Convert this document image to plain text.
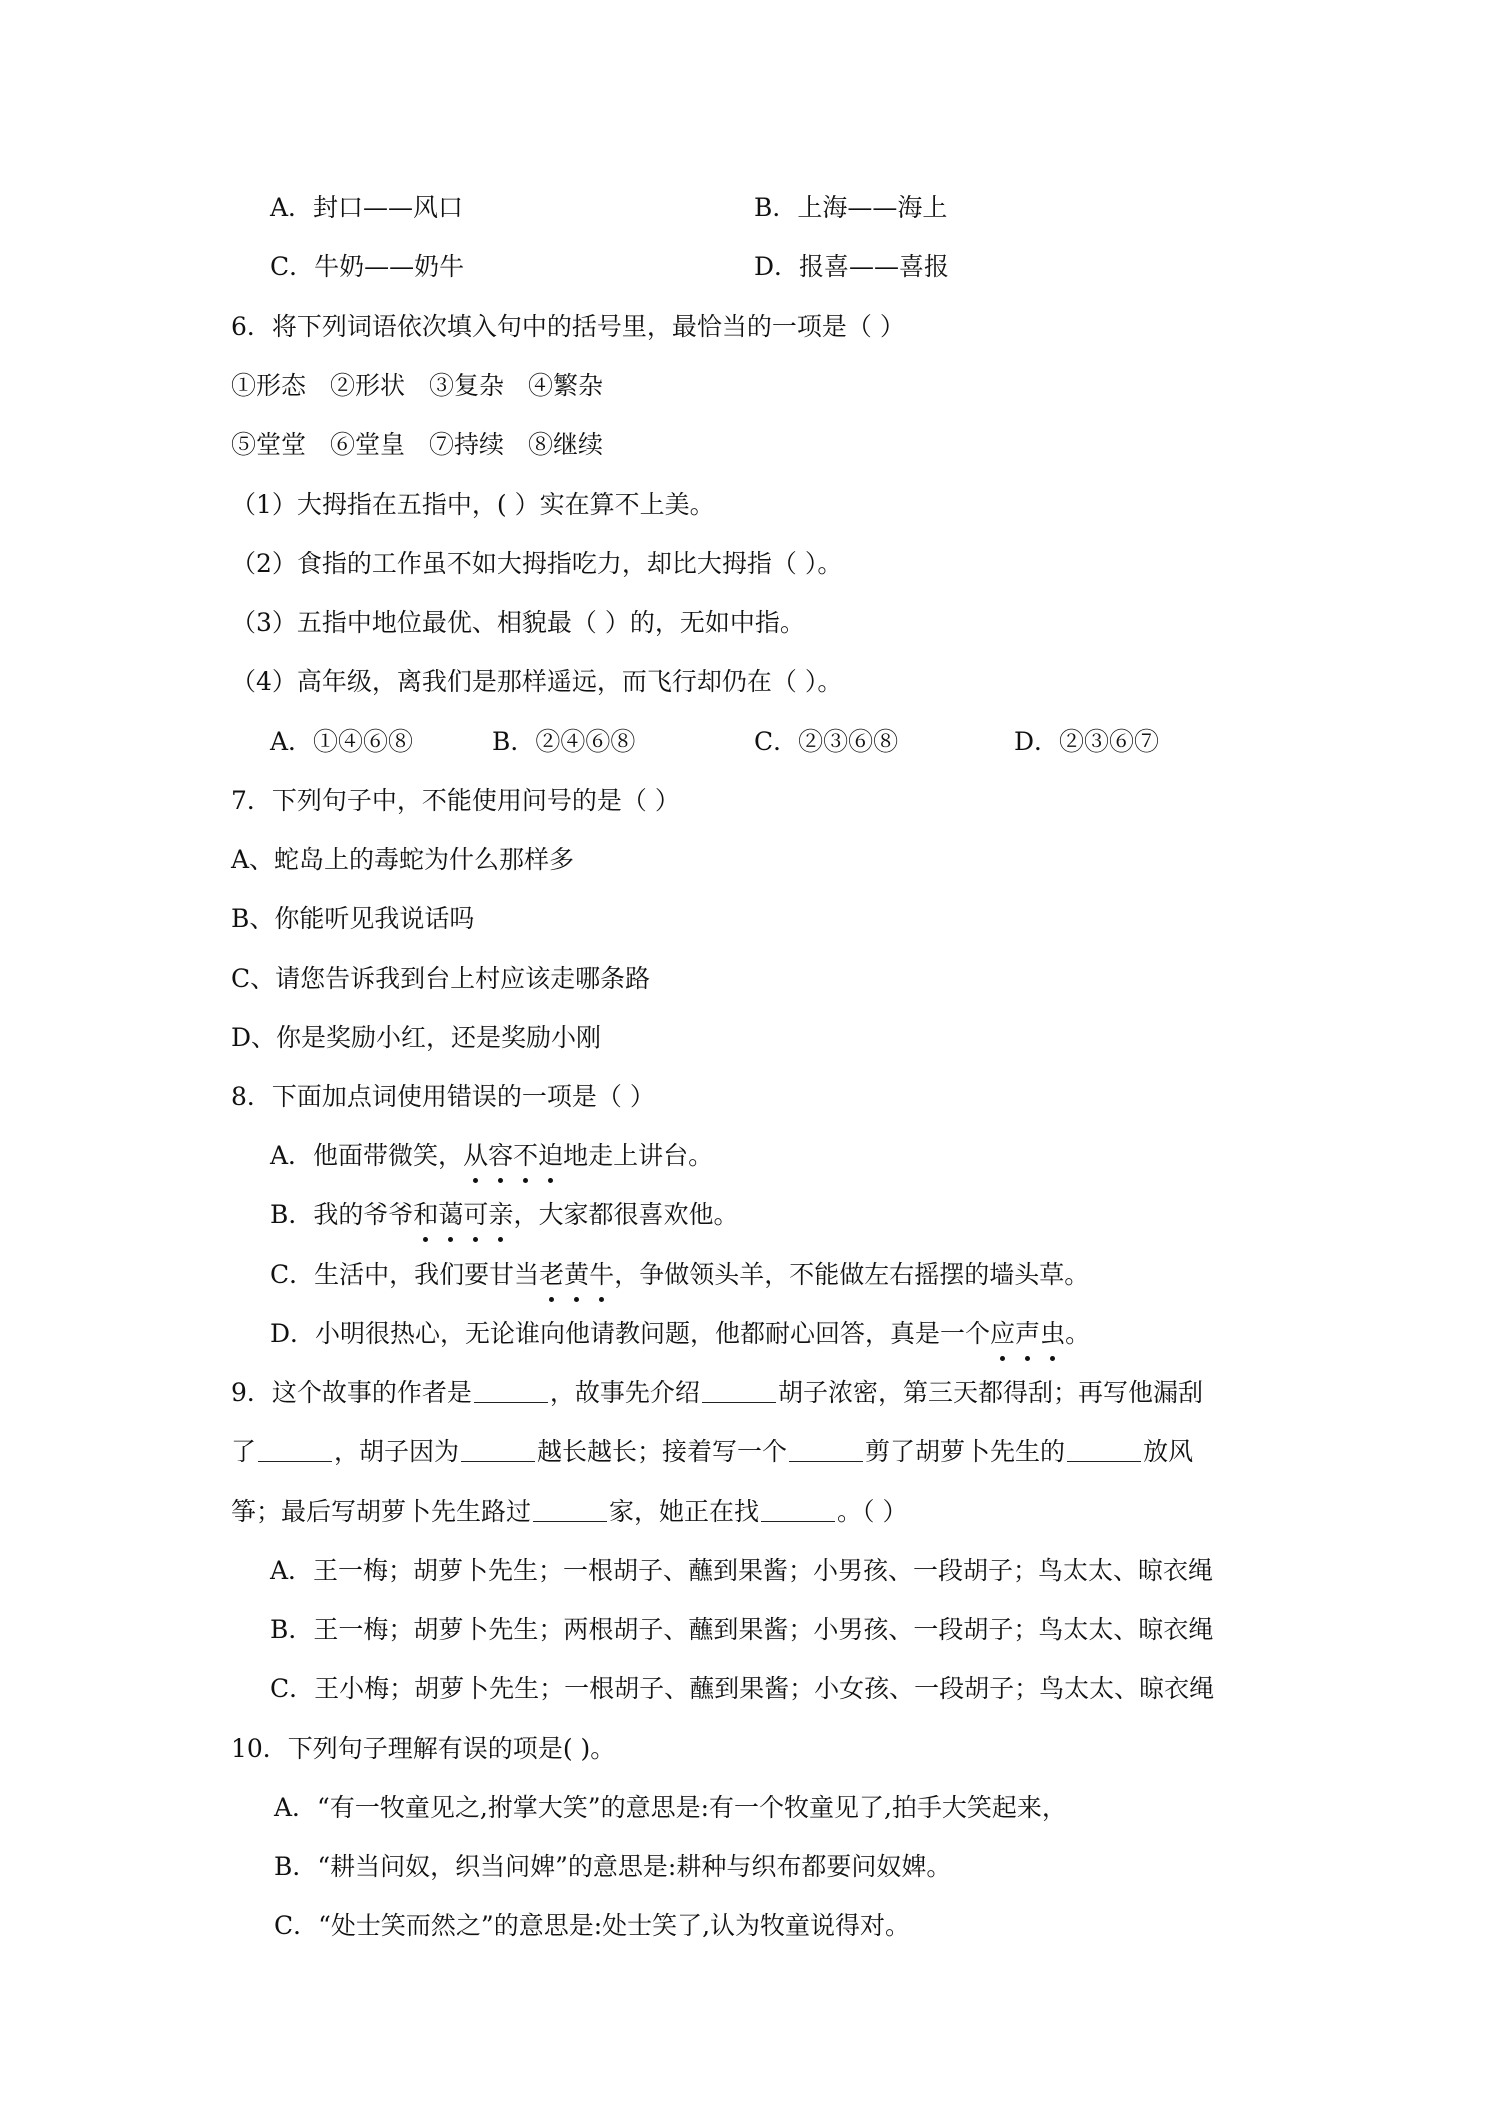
A．封口——风口	B．上海——海上
C．牛奶——奶牛	D．报喜——喜报
6．将下列词语依次填入句中的括号里，最恰当的一项是（ ）
①形态 ②形状 ③复杂 ④繁杂
⑤堂堂 ⑥堂皇 ⑦持续 ⑧继续
（1）大拇指在五指中，( ）实在算不上美。
（2）食指的工作虽不如大拇指吃力，却比大拇指（ ）。
（3）五指中地位最优、相貌最（ ）的，无如中指。
（4）高年级，离我们是那样遥远，而飞行却仍在（ ）。
A．①④⑥⑧	B．②④⑥⑧	C．②③⑥⑧	D．②③⑥⑦
7．下列句子中，不能使用问号的是（ ）
A、蛇岛上的毒蛇为什么那样多
B、你能听见我说话吗
C、请您告诉我到台上村应该走哪条路
D、你是奖励小红，还是奖励小刚
8．下面加点词使用错误的一项是（ ）
A．他面带微笑，从容不迫地走上讲台。
B．我的爷爷和蔼可亲，大家都很喜欢他。
C．生活中，我们要甘当老黄牛，争做领头羊，不能做左右摇摆的墙头草。
D．小明很热心，无论谁向他请教问题，他都耐心回答，真是一个应声虫。
9．这个故事的作者是	，故事先介绍	胡子浓密，第三天都得刮；再写他漏刮
了	，胡子因为	越长越长；接着写一个	剪了胡萝卜先生的	放风
筝；最后写胡萝卜先生路过	家，她正在找	。（ ）
A．王一梅；胡萝卜先生；一根胡子、蘸到果酱；小男孩、一段胡子；鸟太太、晾衣绳
B．王一梅；胡萝卜先生；两根胡子、蘸到果酱；小男孩、一段胡子；鸟太太、晾衣绳
C．王小梅；胡萝卜先生；一根胡子、蘸到果酱；小女孩、一段胡子；鸟太太、晾衣绳
10．下列句子理解有误的项是( )。
A．“有一牧童见之,拊掌大笑”的意思是:有一个牧童见了,拍手大笑起来，
B．“耕当问奴，织当问婢”的意思是:耕种与织布都要问奴婢。
C．“处士笑而然之”的意思是:处士笑了,认为牧童说得对。
